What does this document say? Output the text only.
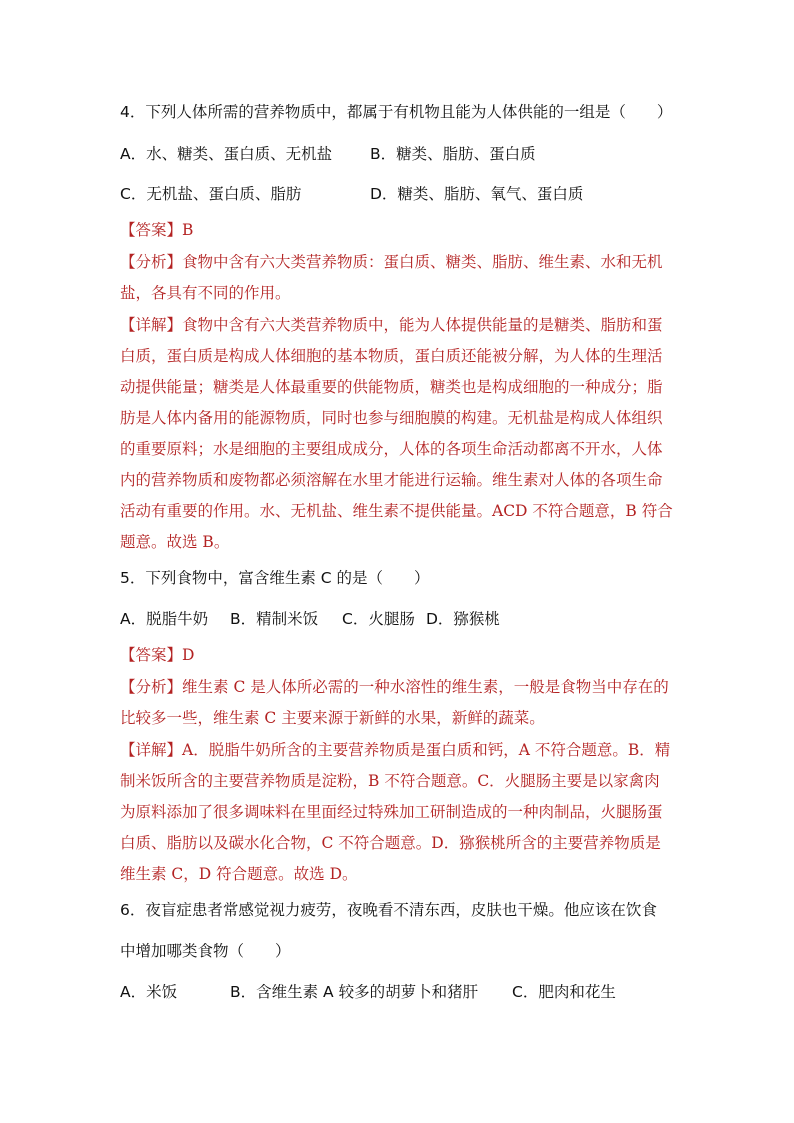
4．下列人体所需的营养物质中，都属于有机物且能为人体供能的一组是（　　）
A．水、糖类、蛋白质、无机盐 B．糖类、脂肪、蛋白质
C．无机盐、蛋白质、脂肪	D．糖类、脂肪、氧气、蛋白质
【答案】B
【分析】食物中含有六大类营养物质：蛋白质、糖类、脂肪、维生素、水和无机
盐，各具有不同的作用。
【详解】食物中含有六大类营养物质中，能为人体提供能量的是糖类、脂肪和蛋
白质，蛋白质是构成人体细胞的基本物质，蛋白质还能被分解，为人体的生理活
动提供能量；糖类是人体最重要的供能物质，糖类也是构成细胞的一种成分；脂
肪是人体内备用的能源物质，同时也参与细胞膜的构建。无机盐是构成人体组织
的重要原料；水是细胞的主要组成成分，人体的各项生命活动都离不开水，人体
内的营养物质和废物都必须溶解在水里才能进行运输。维生素对人体的各项生命
活动有重要的作用。水、无机盐、维生素不提供能量。ACD 不符合题意，B 符合
题意。故选 B。
5．下列食物中，富含维生素 C 的是（　　）
A．脱脂牛奶 B．精制米饭 C．火腿肠 D．猕猴桃
【答案】D
【分析】维生素 C 是人体所必需的一种水溶性的维生素，一般是食物当中存在的
比较多一些，维生素 C 主要来源于新鲜的水果，新鲜的蔬菜。
【详解】A．脱脂牛奶所含的主要营养物质是蛋白质和钙，A 不符合题意。B．精
制米饭所含的主要营养物质是淀粉，B 不符合题意。C．火腿肠主要是以家禽肉
为原料添加了很多调味料在里面经过特殊加工研制造成的一种肉制品，火腿肠蛋
白质、脂肪以及碳水化合物，C 不符合题意。D．猕猴桃所含的主要营养物质是
维生素 C，D 符合题意。故选 D。
6．夜盲症患者常感觉视力疲劳，夜晚看不清东西，皮肤也干燥。他应该在饮食
中增加哪类食物（　　）
A．米饭	B．含维生素 A 较多的胡萝卜和猪肝 C．肥肉和花生
